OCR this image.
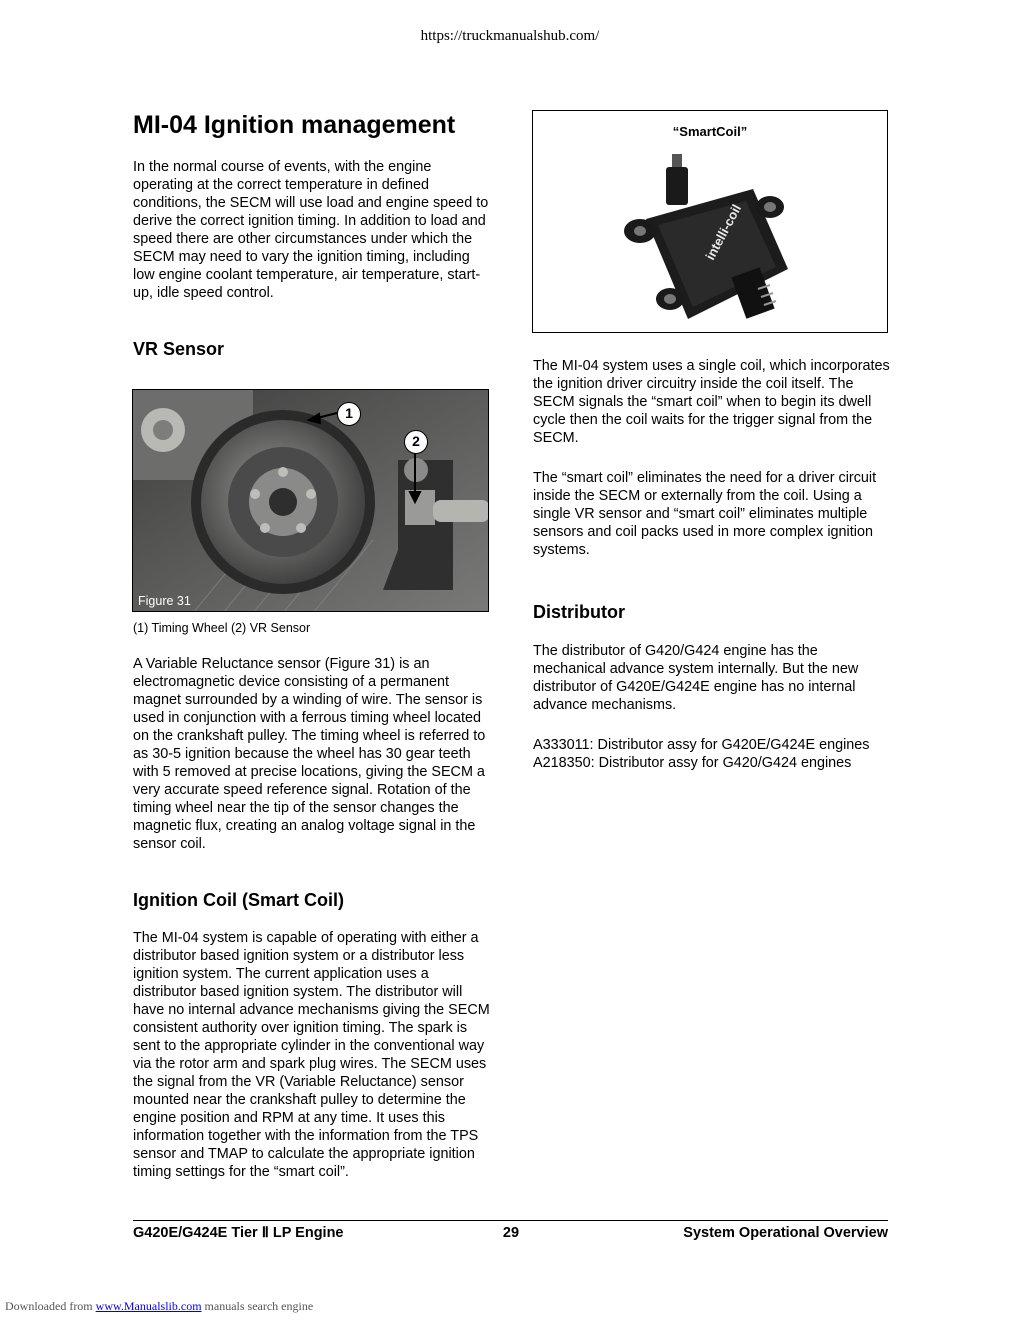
https://truckmanualshub.com/
MI-04 Ignition management

In the normal course of events, with the engine operating at the correct temperature in defined conditions, the SECM will use load and engine speed to derive the correct ignition timing. In addition to load and speed there are other circumstances under which the SECM may need to vary the ignition timing, including low engine coolant temperature, air temperature, start-up, idle speed control.

VR Sensor
1
2
Figure 31
(1) Timing Wheel (2) VR Sensor

A Variable Reluctance sensor (Figure 31) is an electromagnetic device consisting of a permanent magnet surrounded by a winding of wire. The sensor is used in conjunction with a ferrous timing wheel located on the crankshaft pulley. The timing wheel is referred to as 30-5 ignition because the wheel has 30 gear teeth with 5 removed at precise locations, giving the SECM a very accurate speed reference signal. Rotation of the timing wheel near the tip of the sensor changes the magnetic flux, creating an analog voltage signal in the sensor coil.

Ignition Coil (Smart Coil)

The MI-04 system is capable of operating with either a distributor based ignition system or a distributor less ignition system. The current application uses a distributor based ignition system. The distributor will have no internal advance mechanisms giving the SECM consistent authority over ignition timing. The spark is sent to the appropriate cylinder in the conventional way via the rotor arm and spark plug wires. The SECM uses the signal from the VR (Variable Reluctance) sensor mounted near the crankshaft pulley to determine the engine position and RPM at any time. It uses this information together with the information from the TPS sensor and TMAP to calculate the appropriate ignition timing settings for the “smart coil”.

“SmartCoil”
intelli-coil

The MI-04 system uses a single coil, which incorporates the ignition driver circuitry inside the coil itself. The SECM signals the “smart coil” when to begin its dwell cycle then the coil waits for the trigger signal from the SECM.

The “smart coil” eliminates the need for a driver circuit inside the SECM or externally from the coil. Using a single VR sensor and “smart coil” eliminates multiple sensors and coil packs used in more complex ignition systems.

Distributor

The distributor of G420/G424 engine has the mechanical advance system internally. But the new distributor of G420E/G424E engine has no internal advance mechanisms.

A333011: Distributor assy for G420E/G424E engines

A218350: Distributor assy for G420/G424 engines

G420E/G424E Tier Ⅱ LP Engine	29	System Operational Overview
Downloaded from www.Manualslib.com manuals search engine
